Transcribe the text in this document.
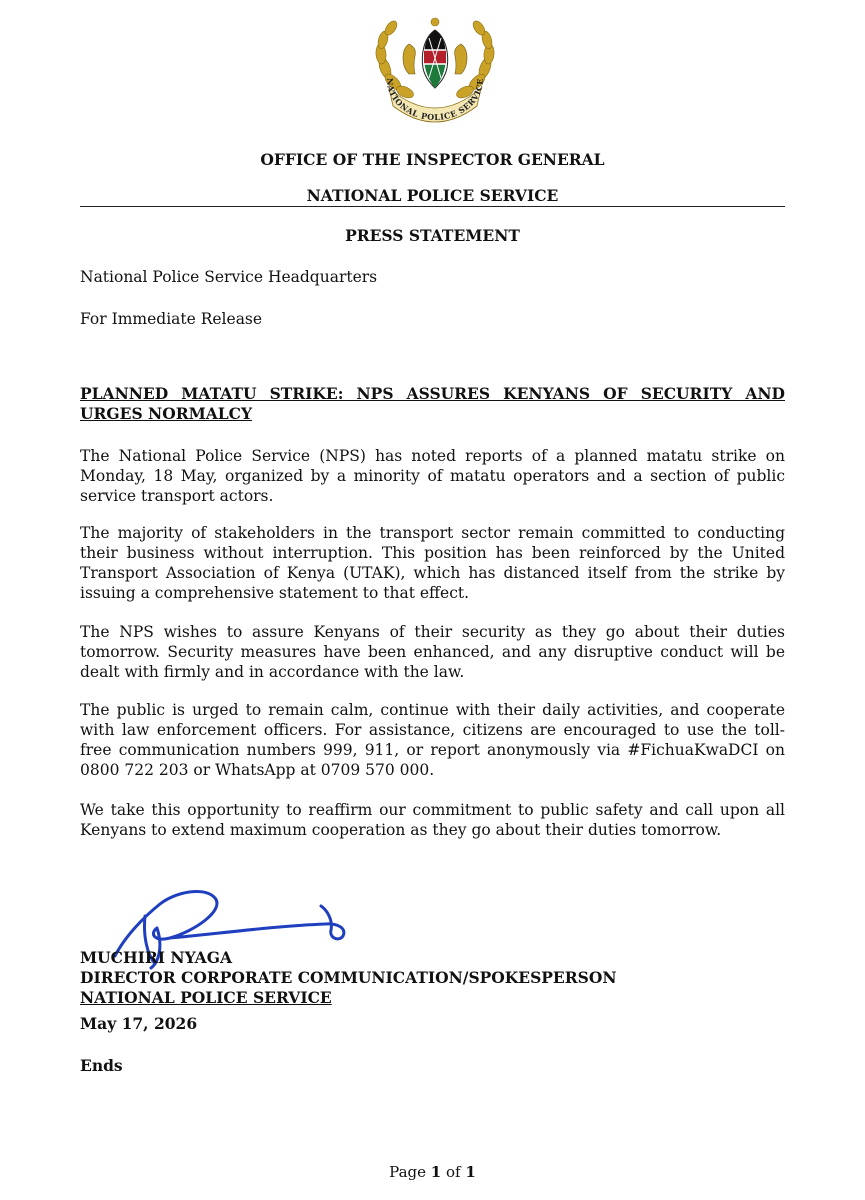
NATIONAL POLICE SERVICE
OFFICE OF THE INSPECTOR GENERAL
NATIONAL POLICE SERVICE
PRESS STATEMENT
National Police Service Headquarters
For Immediate Release
PLANNED MATATU STRIKE: NPS ASSURES KENYANS OF SECURITY AND URGES NORMALCY

The National Police Service (NPS) has noted reports of a planned matatu strike on Monday, 18 May, organized by a minority of matatu operators and a section of public service transport actors.

The majority of stakeholders in the transport sector remain committed to conducting their business without interruption. This position has been reinforced by the United Transport Association of Kenya (UTAK), which has distanced itself from the strike by issuing a comprehensive statement to that effect.

The NPS wishes to assure Kenyans of their security as they go about their duties tomorrow. Security measures have been enhanced, and any disruptive conduct will be dealt with firmly and in accordance with the law.

The public is urged to remain calm, continue with their daily activities, and cooperate with law enforcement officers. For assistance, citizens are encouraged to use the toll-free communication numbers 999, 911, or report anonymously via #FichuaKwaDCI on 0800 722 203 or WhatsApp at 0709 570 000.

We take this opportunity to reaffirm our commitment to public safety and call upon all Kenyans to extend maximum cooperation as they go about their duties tomorrow.

MUCHIRI NYAGA
DIRECTOR CORPORATE COMMUNICATION/SPOKESPERSON
NATIONAL POLICE SERVICE
May 17, 2026
Ends
Page 1 of 1
